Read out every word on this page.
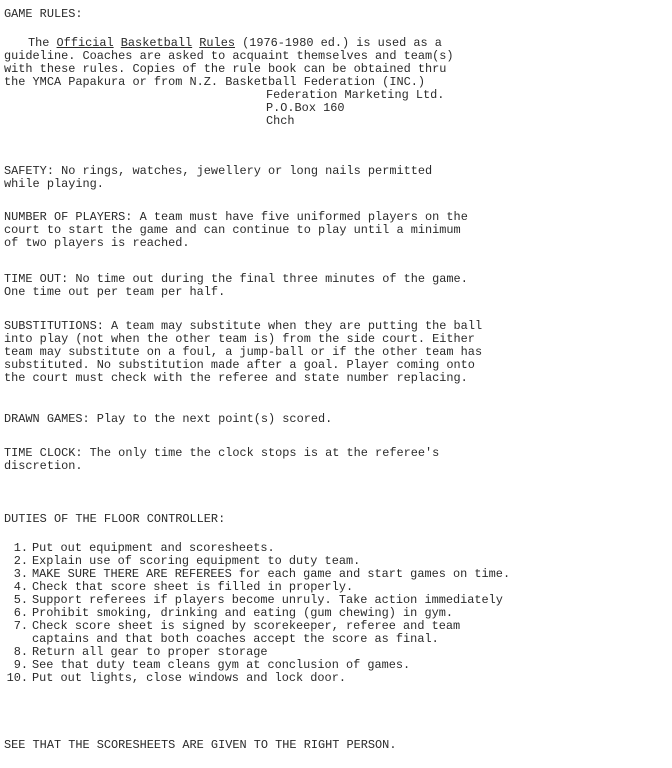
GAME RULES:
The Official Basketball Rules (1976-1980 ed.) is used as a
guideline. Coaches are asked to acquaint themselves and team(s)
with these rules. Copies of the rule book can be obtained thru
the YMCA Papakura or from N.Z. Basketball Federation (INC.)
Federation Marketing Ltd.
P.O.Box 160
Chch
SAFETY: No rings, watches, jewellery or long nails permitted
while playing.
NUMBER OF PLAYERS: A team must have five uniformed players on the
court to start the game and can continue to play until a minimum
of two players is reached.
TIME OUT: No time out during the final three minutes of the game.
One time out per team per half.
SUBSTITUTIONS: A team may substitute when they are putting the ball
into play (not when the other team is) from the side court. Either
team may substitute on a foul, a jump-ball or if the other team has
substituted. No substitution made after a goal. Player coming onto
the court must check with the referee and state number replacing.
DRAWN GAMES: Play to the next point(s) scored.
TIME CLOCK: The only time the clock stops is at the referee's
discretion.
DUTIES OF THE FLOOR CONTROLLER:
1. Put out equipment and scoresheets.
2. Explain use of scoring equipment to duty team.
3. MAKE SURE THERE ARE REFEREES for each game and start games on time.
4. Check that score sheet is filled in properly.
5. Support referees if players become unruly. Take action immediately
6. Prohibit smoking, drinking and eating (gum chewing) in gym.
7. Check score sheet is signed by scorekeeper, referee and team
captains and that both coaches accept the score as final.
8. Return all gear to proper storage
9. See that duty team cleans gym at conclusion of games.
10. Put out lights, close windows and lock door.
SEE THAT THE SCORESHEETS ARE GIVEN TO THE RIGHT PERSON.
